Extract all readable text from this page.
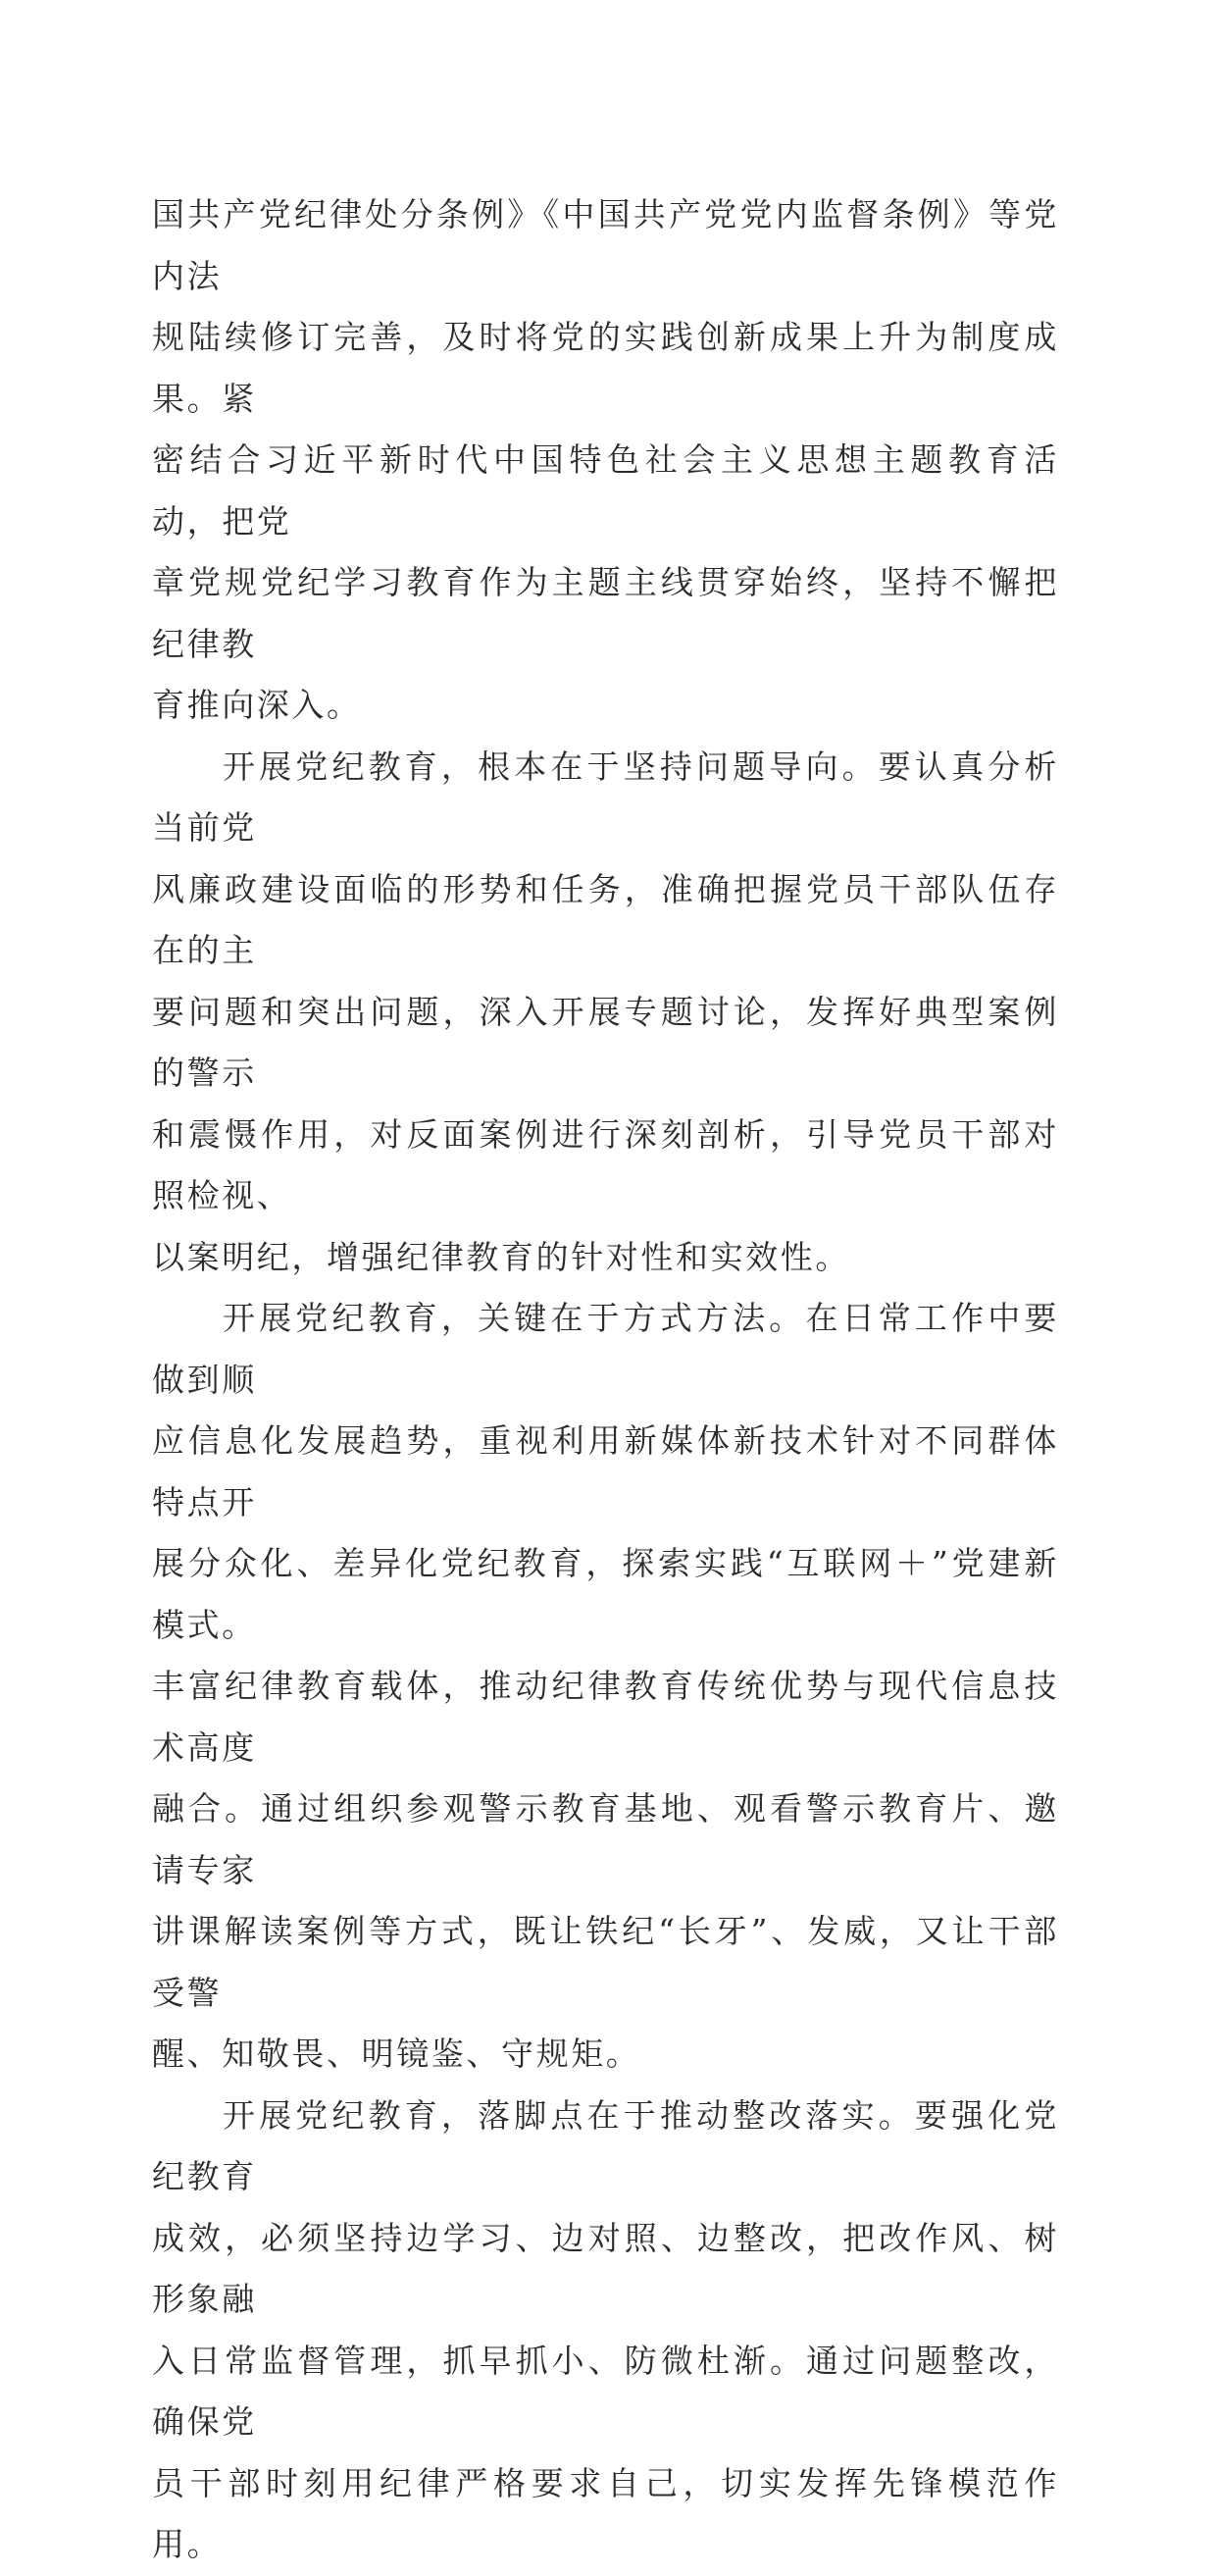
国共产党纪律处分条例》《中国共产党党内监督条例》等党内法
规陆续修订完善，及时将党的实践创新成果上升为制度成果。紧
密结合习近平新时代中国特色社会主义思想主题教育活动，把党
章党规党纪学习教育作为主题主线贯穿始终，坚持不懈把纪律教
育推向深入。

开展党纪教育，根本在于坚持问题导向。要认真分析当前党
风廉政建设面临的形势和任务，准确把握党员干部队伍存在的主
要问题和突出问题，深入开展专题讨论，发挥好典型案例的警示
和震慑作用，对反面案例进行深刻剖析，引导党员干部对照检视、
以案明纪，增强纪律教育的针对性和实效性。

开展党纪教育，关键在于方式方法。在日常工作中要做到顺
应信息化发展趋势，重视利用新媒体新技术针对不同群体特点开
展分众化、差异化党纪教育，探索实践“互联网＋”党建新模式。
丰富纪律教育载体，推动纪律教育传统优势与现代信息技术高度
融合。通过组织参观警示教育基地、观看警示教育片、邀请专家
讲课解读案例等方式，既让铁纪“长牙”、发威，又让干部受警
醒、知敬畏、明镜鉴、守规矩。

开展党纪教育，落脚点在于推动整改落实。要强化党纪教育
成效，必须坚持边学习、边对照、边整改，把改作风、树形象融
入日常监督管理，抓早抓小、防微杜渐。通过问题整改，确保党
员干部时刻用纪律严格要求自己，切实发挥先锋模范作用。
